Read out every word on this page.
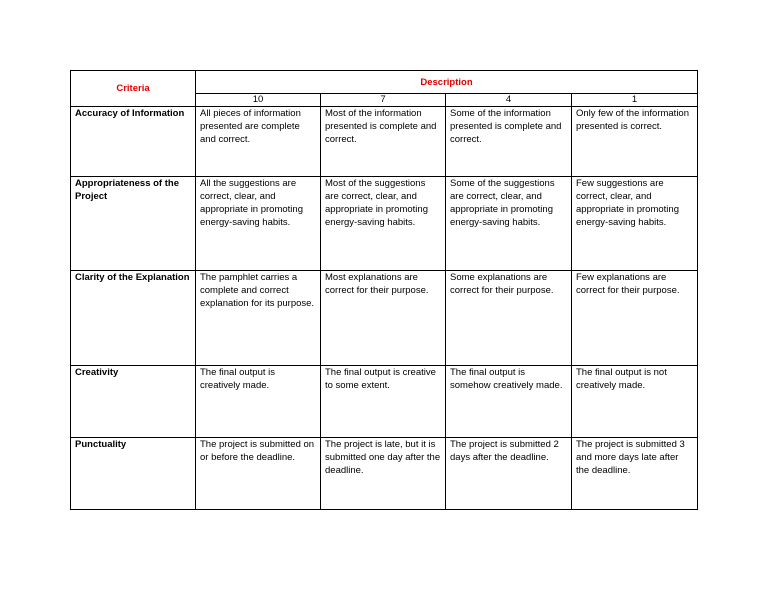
Criteria	Description			
	10	7	4	1
Accuracy of Information	All pieces of information presented are complete and correct.	Most of the information presented is complete and correct.	Some of the information presented is complete and correct.	Only few of the information presented is correct.
Appropriateness of the Project	All the suggestions are correct, clear, and appropriate in promoting energy-saving habits.	Most of the suggestions are correct, clear, and appropriate in promoting energy-saving habits.	Some of the suggestions are correct, clear, and appropriate in promoting energy-saving habits.	Few suggestions are correct, clear, and appropriate in promoting energy-saving habits.
Clarity of the Explanation	The pamphlet carries a complete and correct explanation for its purpose.	Most explanations are correct for their purpose.	Some explanations are correct for their purpose.	Few explanations are correct for their purpose.
Creativity	The final output is creatively made.	The final output is creative to some extent.	The final output is somehow creatively made.	The final output is not creatively made.
Punctuality	The project is submitted on or before the deadline.	The project is late, but it is submitted one day after the deadline.	The project is submitted 2 days after the deadline.	The project is submitted 3 and more days late after the deadline.
